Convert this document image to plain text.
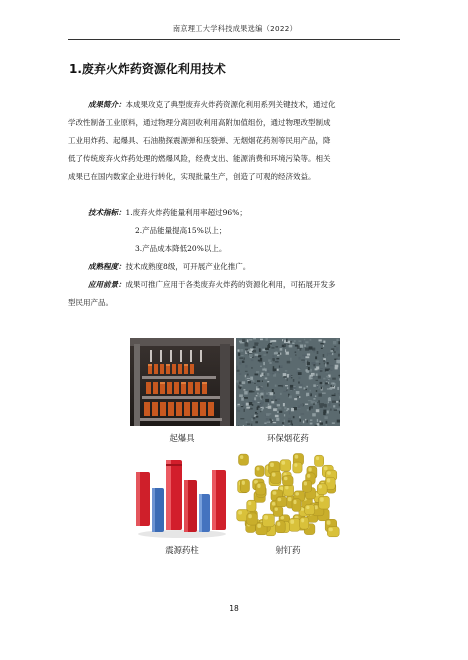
南京理工大学科技成果选编（2022）
1.废弃火炸药资源化利用技术
成果简介：本成果攻克了典型废弃火炸药资源化利用系列关键技术，通过化
学改性制备工业原料，通过物理分离回收利用高附加值组份，通过物理改型制成
工业用炸药、起爆具、石油勘探震源弹和压裂弹、无烟烟花药剂等民用产品，降
低了传统废弃火炸药处理的燃爆风险，经费支出、能源消费和环境污染等。相关
成果已在国内数家企业进行转化，实现批量生产，创造了可观的经济效益。
技术指标：1.废弃火炸药能量利用率超过96%；
2.产品能量提高15%以上；
3.产品成本降低20%以上。
成熟程度：技术成熟度8级，可开展产业化推广。
应用前景：成果可推广应用于各类废弃火炸药的资源化利用，可拓展开发多
型民用产品。
起爆具	环保烟花药
震源药柱	射钉药
18
